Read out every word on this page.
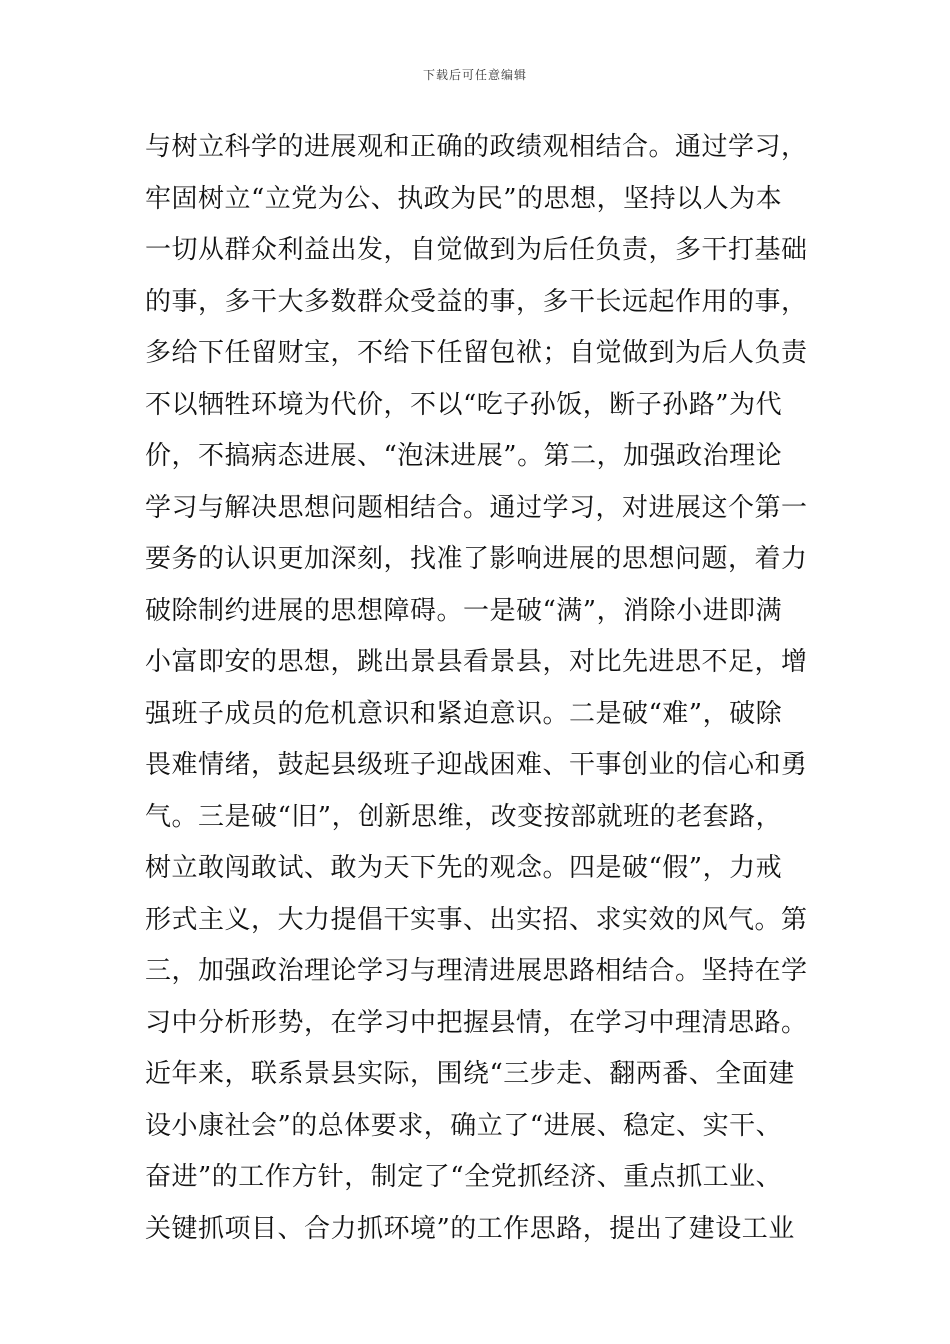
下载后可任意编辑
与树立科学的进展观和正确的政绩观相结合。通过学习，
牢固树立“立党为公、执政为民”的思想，坚持以人为本
一切从群众利益出发，自觉做到为后任负责，多干打基础
的事，多干大多数群众受益的事，多干长远起作用的事，
多给下任留财宝，不给下任留包袱；自觉做到为后人负责
不以牺牲环境为代价，不以“吃子孙饭，断子孙路”为代
价，不搞病态进展、“泡沫进展”。第二，加强政治理论
学习与解决思想问题相结合。通过学习，对进展这个第一
要务的认识更加深刻，找准了影响进展的思想问题，着力
破除制约进展的思想障碍。一是破“满”，消除小进即满
小富即安的思想，跳出景县看景县，对比先进思不足，增
强班子成员的危机意识和紧迫意识。二是破“难”，破除
畏难情绪，鼓起县级班子迎战困难、干事创业的信心和勇
气。三是破“旧”，创新思维，改变按部就班的老套路，
树立敢闯敢试、敢为天下先的观念。四是破“假”，力戒
形式主义，大力提倡干实事、出实招、求实效的风气。第
三，加强政治理论学习与理清进展思路相结合。坚持在学
习中分析形势，在学习中把握县情，在学习中理清思路。
近年来，联系景县实际，围绕“三步走、翻两番、全面建
设小康社会”的总体要求，确立了“进展、稳定、实干、
奋进”的工作方针，制定了“全党抓经济、重点抓工业、
关键抓项目、合力抓环境”的工作思路，提出了建设工业
